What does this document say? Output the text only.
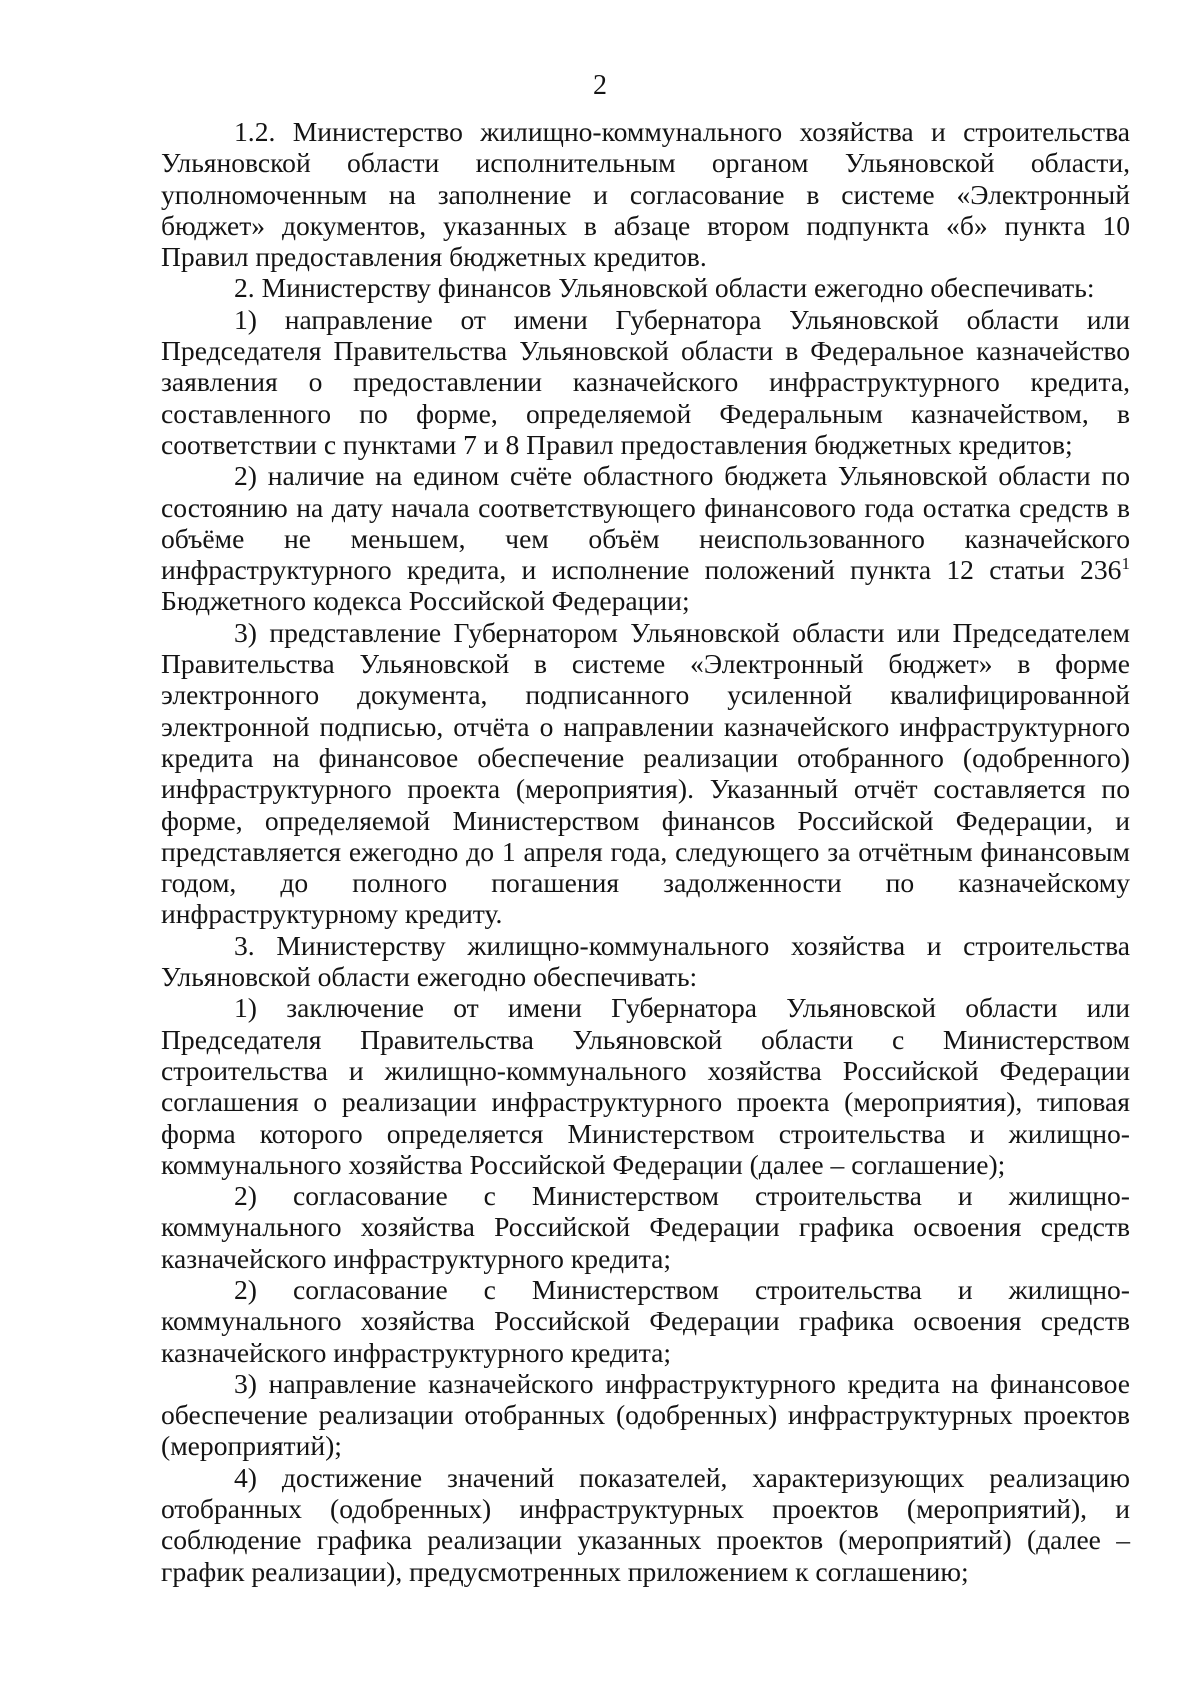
2

1.2. Министерство жилищно-коммунального хозяйства и строительства Ульяновской области исполнительным органом Ульяновской области, уполномоченным на заполнение и согласование в системе «Электронный бюджет» документов, указанных в абзаце втором подпункта «б» пункта 10 Правил предоставления бюджетных кредитов.

2. Министерству финансов Ульяновской области ежегодно обеспечивать:

1) направление от имени Губернатора Ульяновской области или Председателя Правительства Ульяновской области в Федеральное казначейство заявления о предоставлении казначейского инфраструктурного кредита, составленного по форме, определяемой Федеральным казначейством, в соответствии с пунктами 7 и 8 Правил предоставления бюджетных кредитов;

2) наличие на едином счёте областного бюджета Ульяновской области по состоянию на дату начала соответствующего финансового года остатка средств в объёме не меньшем, чем объём неиспользованного казначейского инфраструктурного кредита, и исполнение положений пункта 12 статьи $236^1$ Бюджетного кодекса Российской Федерации;

3) представление Губернатором Ульяновской области или Председателем Правительства Ульяновской в системе «Электронный бюджет» в форме электронного документа, подписанного усиленной квалифицированной электронной подписью, отчёта о направлении казначейского инфраструктурного кредита на финансовое обеспечение реализации отобранного (одобренного) инфраструктурного проекта (мероприятия). Указанный отчёт составляется по форме, определяемой Министерством финансов Российской Федерации, и представляется ежегодно до 1 апреля года, следующего за отчётным финансовым годом, до полного погашения задолженности по казначейскому инфраструктурному кредиту.

3. Министерству жилищно-коммунального хозяйства и строительства Ульяновской области ежегодно обеспечивать:

1) заключение от имени Губернатора Ульяновской области или Председателя Правительства Ульяновской области с Министерством строительства и жилищно-коммунального хозяйства Российской Федерации соглашения о реализации инфраструктурного проекта (мероприятия), типовая форма которого определяется Министерством строительства и жилищно-коммунального хозяйства Российской Федерации (далее – соглашение);

2) согласование с Министерством строительства и жилищно-коммунального хозяйства Российской Федерации графика освоения средств казначейского инфраструктурного кредита;

2) согласование с Министерством строительства и жилищно-коммунального хозяйства Российской Федерации графика освоения средств казначейского инфраструктурного кредита;

3) направление казначейского инфраструктурного кредита на финансовое обеспечение реализации отобранных (одобренных) инфраструктурных проектов (мероприятий);

4) достижение значений показателей, характеризующих реализацию отобранных (одобренных) инфраструктурных проектов (мероприятий), и соблюдение графика реализации указанных проектов (мероприятий) (далее – график реализации), предусмотренных приложением к соглашению;
